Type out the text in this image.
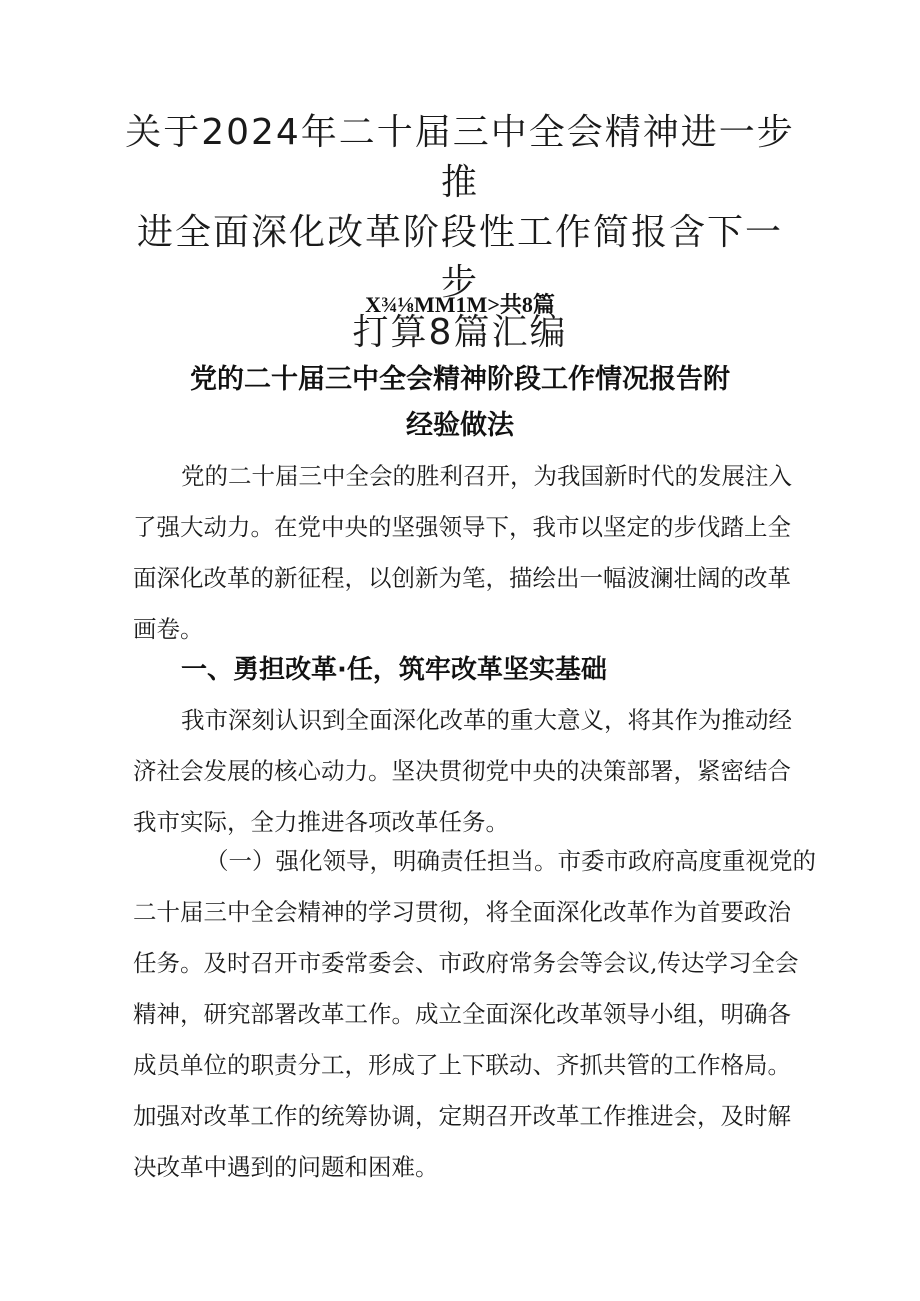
关于2024年二十届三中全会精神进一步推
进全面深化改革阶段性工作简报含下一步
打算8篇汇编
X¾⅛MM1M>共8篇
党的二十届三中全会精神阶段工作情况报告附
经验做法

党的二十届三中全会的胜利召开，为我国新时代的发展注入
了强大动力。在党中央的坚强领导下，我市以坚定的步伐踏上全
面深化改革的新征程，以创新为笔，描绘出一幅波澜壮阔的改革
画卷。

一、勇担改革·任，筑牢改革坚实基础

我市深刻认识到全面深化改革的重大意义，将其作为推动经
济社会发展的核心动力。坚决贯彻党中央的决策部署，紧密结合
我市实际，全力推进各项改革任务。

（一）强化领导，明确责任担当。市委市政府高度重视党的
二十届三中全会精神的学习贯彻，将全面深化改革作为首要政治
任务。及时召开市委常委会、市政府常务会等会议,传达学习全会
精神，研究部署改革工作。成立全面深化改革领导小组，明确各
成员单位的职责分工，形成了上下联动、齐抓共管的工作格局。
加强对改革工作的统筹协调，定期召开改革工作推进会，及时解
决改革中遇到的问题和困难。
